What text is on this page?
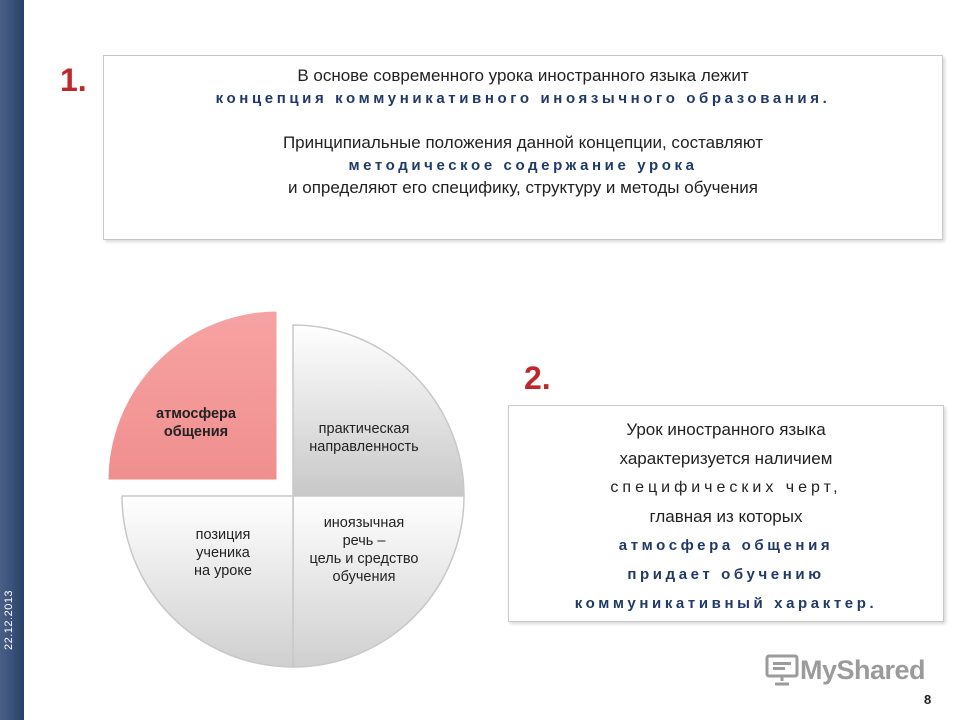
22.12.2013
1.	В основе современного урока иностранного языка лежит
концепция коммуникативного иноязычного образования.
Принципиальные положения данной концепции, составляют
методическое содержание урока
и определяют его специфику, структуру и методы обучения
атмосфера
общения	практическая
направленность
иноязычная
речь –
цель и средство
обучения
позиция
ученика
на уроке
2.
Урок иностранного языка
характеризуется наличием
специфических черт,
главная из которых
атмосфера общения
придает обучению
коммуникативный характер.
MyShared
8
